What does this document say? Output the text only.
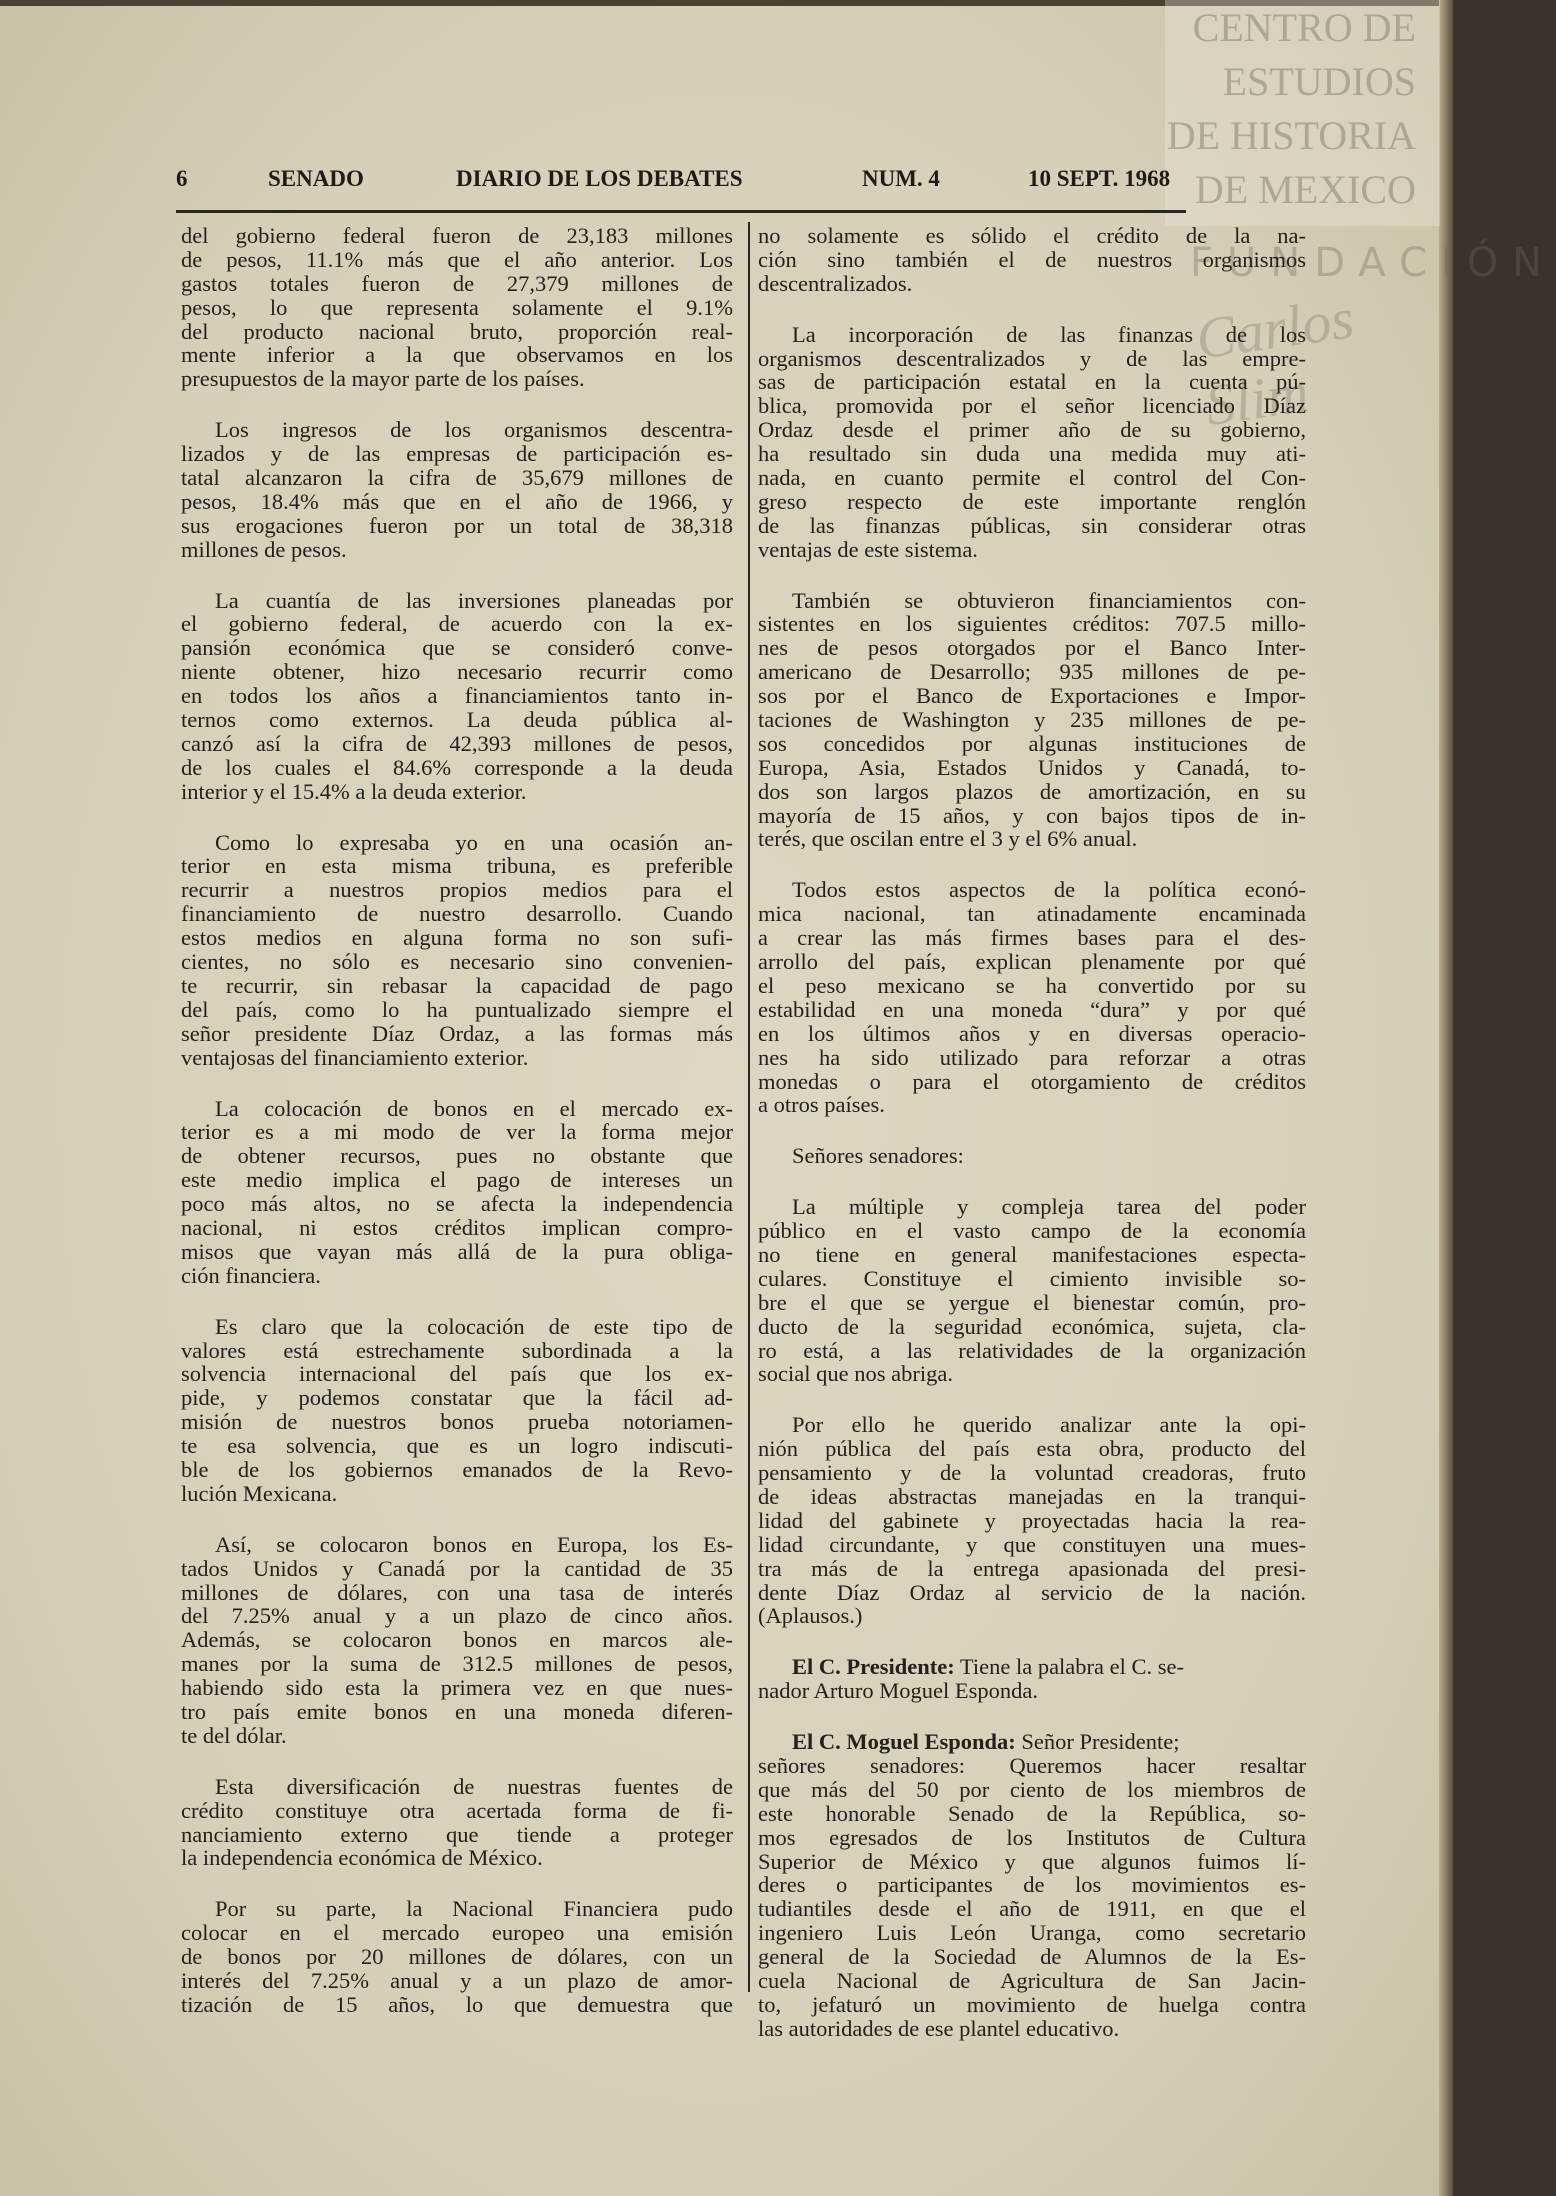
CENTRO DE
ESTUDIOS
DE HISTORIA
DE MEXICO
FUNDACIÓN
Carlos Slim
6	SENADO	DIARIO DE LOS DEBATES	NUM. 4	10 SEPT. 1968
del gobierno federal fueron de 23,183 millones
de pesos, 11.1% más que el año anterior. Los
gastos totales fueron de 27,379 millones de
pesos, lo que representa solamente el 9.1%
del producto nacional bruto, proporción real-
mente inferior a la que observamos en los
presupuestos de la mayor parte de los países.
Los ingresos de los organismos descentra-
lizados y de las empresas de participación es-
tatal alcanzaron la cifra de 35,679 millones de
pesos, 18.4% más que en el año de 1966, y
sus erogaciones fueron por un total de 38,318
millones de pesos.
La cuantía de las inversiones planeadas por
el gobierno federal, de acuerdo con la ex-
pansión económica que se consideró conve-
niente obtener, hizo necesario recurrir como
en todos los años a financiamientos tanto in-
ternos como externos. La deuda pública al-
canzó así la cifra de 42,393 millones de pesos,
de los cuales el 84.6% corresponde a la deuda
interior y el 15.4% a la deuda exterior.
Como lo expresaba yo en una ocasión an-
terior en esta misma tribuna, es preferible
recurrir a nuestros propios medios para el
financiamiento de nuestro desarrollo. Cuando
estos medios en alguna forma no son sufi-
cientes, no sólo es necesario sino convenien-
te recurrir, sin rebasar la capacidad de pago
del país, como lo ha puntualizado siempre el
señor presidente Díaz Ordaz, a las formas más
ventajosas del financiamiento exterior.
La colocación de bonos en el mercado ex-
terior es a mi modo de ver la forma mejor
de obtener recursos, pues no obstante que
este medio implica el pago de intereses un
poco más altos, no se afecta la independencia
nacional, ni estos créditos implican compro-
misos que vayan más allá de la pura obliga-
ción financiera.
Es claro que la colocación de este tipo de
valores está estrechamente subordinada a la
solvencia internacional del país que los ex-
pide, y podemos constatar que la fácil ad-
misión de nuestros bonos prueba notoriamen-
te esa solvencia, que es un logro indiscuti-
ble de los gobiernos emanados de la Revo-
lución Mexicana.
Así, se colocaron bonos en Europa, los Es-
tados Unidos y Canadá por la cantidad de 35
millones de dólares, con una tasa de interés
del 7.25% anual y a un plazo de cinco años.
Además, se colocaron bonos en marcos ale-
manes por la suma de 312.5 millones de pesos,
habiendo sido esta la primera vez en que nues-
tro país emite bonos en una moneda diferen-
te del dólar.
Esta diversificación de nuestras fuentes de
crédito constituye otra acertada forma de fi-
nanciamiento externo que tiende a proteger
la independencia económica de México.
Por su parte, la Nacional Financiera pudo
colocar en el mercado europeo una emisión
de bonos por 20 millones de dólares, con un
interés del 7.25% anual y a un plazo de amor-
tización de 15 años, lo que demuestra que
no solamente es sólido el crédito de la na-
ción sino también el de nuestros organismos
descentralizados.
La incorporación de las finanzas de los
organismos descentralizados y de las empre-
sas de participación estatal en la cuenta pú-
blica, promovida por el señor licenciado Díaz
Ordaz desde el primer año de su gobierno,
ha resultado sin duda una medida muy ati-
nada, en cuanto permite el control del Con-
greso respecto de este importante renglón
de las finanzas públicas, sin considerar otras
ventajas de este sistema.
También se obtuvieron financiamientos con-
sistentes en los siguientes créditos: 707.5 millo-
nes de pesos otorgados por el Banco Inter-
americano de Desarrollo; 935 millones de pe-
sos por el Banco de Exportaciones e Impor-
taciones de Washington y 235 millones de pe-
sos concedidos por algunas instituciones de
Europa, Asia, Estados Unidos y Canadá, to-
dos son largos plazos de amortización, en su
mayoría de 15 años, y con bajos tipos de in-
terés, que oscilan entre el 3 y el 6% anual.
Todos estos aspectos de la política econó-
mica nacional, tan atinadamente encaminada
a crear las más firmes bases para el des-
arrollo del país, explican plenamente por qué
el peso mexicano se ha convertido por su
estabilidad en una moneda “dura” y por qué
en los últimos años y en diversas operacio-
nes ha sido utilizado para reforzar a otras
monedas o para el otorgamiento de créditos
a otros países.
Señores senadores:
La múltiple y compleja tarea del poder
público en el vasto campo de la economía
no tiene en general manifestaciones especta-
culares. Constituye el cimiento invisible so-
bre el que se yergue el bienestar común, pro-
ducto de la seguridad económica, sujeta, cla-
ro está, a las relatividades de la organización
social que nos abriga.
Por ello he querido analizar ante la opi-
nión pública del país esta obra, producto del
pensamiento y de la voluntad creadoras, fruto
de ideas abstractas manejadas en la tranqui-
lidad del gabinete y proyectadas hacia la rea-
lidad circundante, y que constituyen una mues-
tra más de la entrega apasionada del presi-
dente Díaz Ordaz al servicio de la nación.
(Aplausos.)
El C. Presidente: Tiene la palabra el C. se-
nador Arturo Moguel Esponda.
El C. Moguel Esponda: Señor Presidente;
señores senadores: Queremos hacer resaltar
que más del 50 por ciento de los miembros de
este honorable Senado de la República, so-
mos egresados de los Institutos de Cultura
Superior de México y que algunos fuimos lí-
deres o participantes de los movimientos es-
tudiantiles desde el año de 1911, en que el
ingeniero Luis León Uranga, como secretario
general de la Sociedad de Alumnos de la Es-
cuela Nacional de Agricultura de San Jacin-
to, jefaturó un movimiento de huelga contra
las autoridades de ese plantel educativo.
